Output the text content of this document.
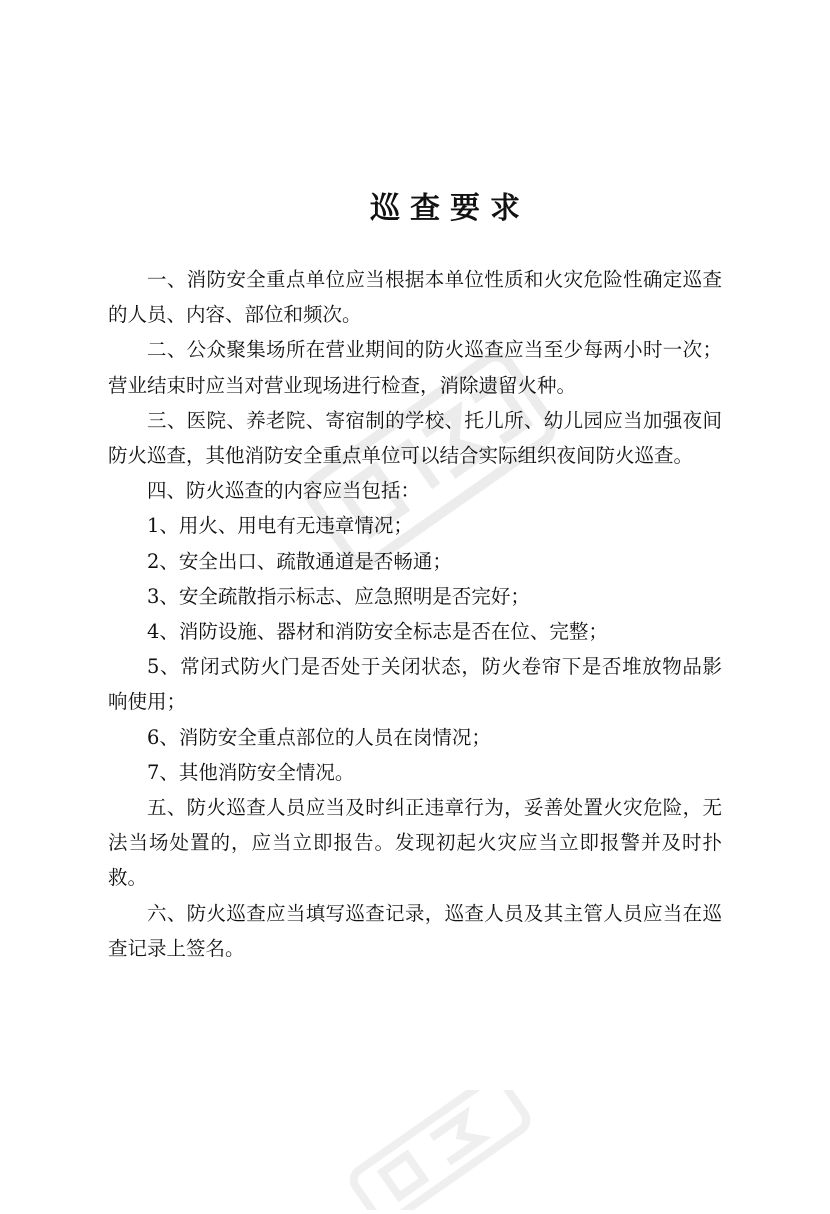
巡查要求

一、消防安全重点单位应当根据本单位性质和火灾危险性确定巡查的人员、内容、部位和频次。

二、公众聚集场所在营业期间的防火巡查应当至少每两小时一次；营业结束时应当对营业现场进行检查，消除遗留火种。

三、医院、养老院、寄宿制的学校、托儿所、幼儿园应当加强夜间防火巡查，其他消防安全重点单位可以结合实际组织夜间防火巡查。

四、防火巡查的内容应当包括：

1、用火、用电有无违章情况；

2、安全出口、疏散通道是否畅通；

3、安全疏散指示标志、应急照明是否完好；

4、消防设施、器材和消防安全标志是否在位、完整；

5、常闭式防火门是否处于关闭状态，防火卷帘下是否堆放物品影响使用；

6、消防安全重点部位的人员在岗情况；

7、其他消防安全情况。

五、防火巡查人员应当及时纠正违章行为，妥善处置火灾危险，无法当场处置的，应当立即报告。发现初起火灾应当立即报警并及时扑救。

六、防火巡查应当填写巡查记录，巡查人员及其主管人员应当在巡查记录上签名。
